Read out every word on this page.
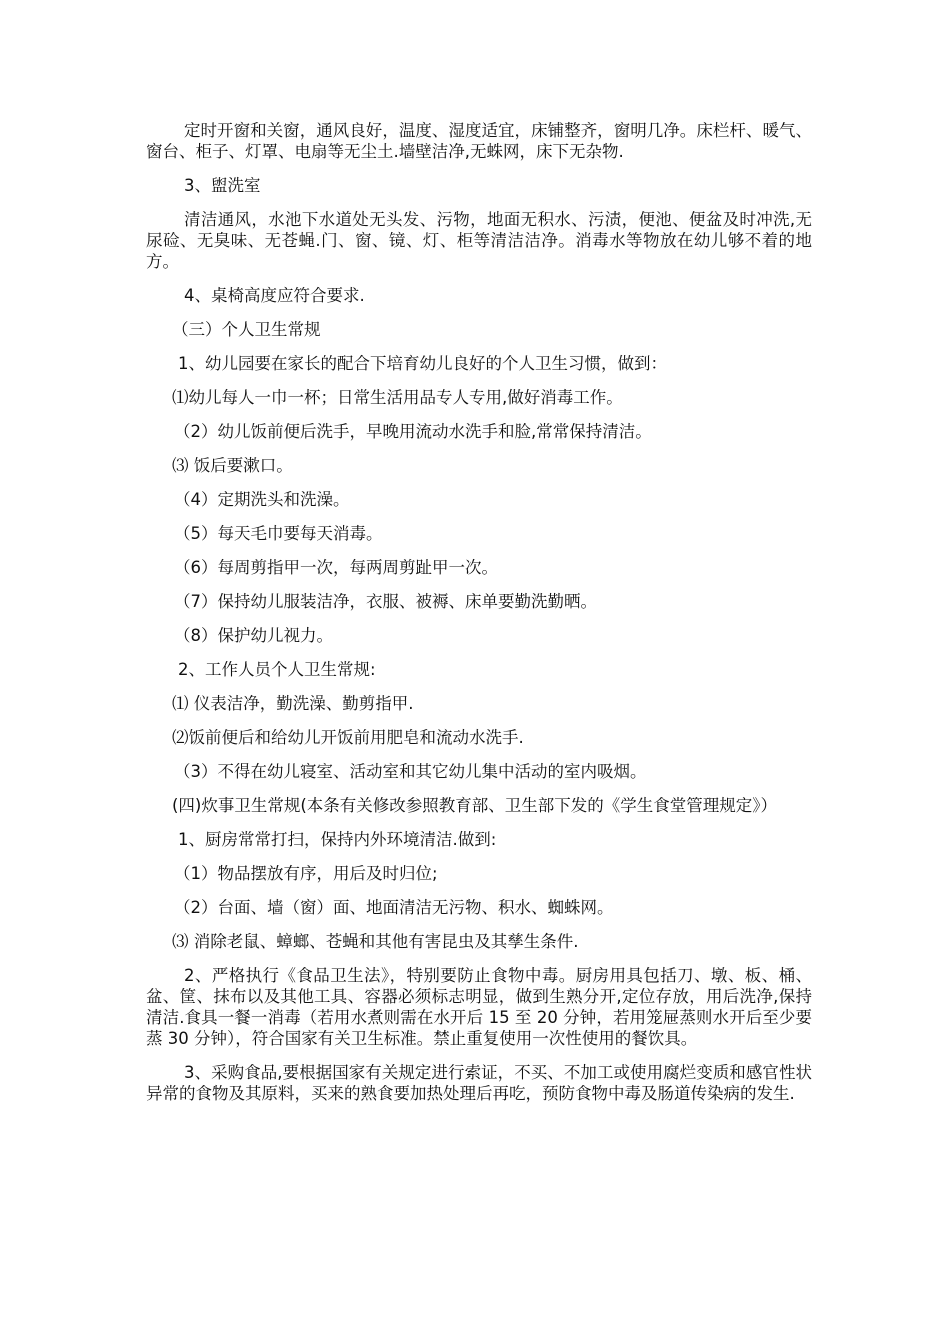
定时开窗和关窗，通风良好，温度、湿度适宜，床铺整齐，窗明几净。床栏杆、暖气、窗台、柜子、灯罩、电扇等无尘土.墙壁洁净,无蛛网，床下无杂物.

3、盥洗室

清洁通风，水池下水道处无头发、污物，地面无积水、污渍，便池、便盆及时冲洗,无尿硷、无臭味、无苍蝇.门、窗、镜、灯、柜等清洁洁净。消毒水等物放在幼儿够不着的地方。

4、桌椅高度应符合要求.

（三）个人卫生常规

1、幼儿园要在家长的配合下培育幼儿良好的个人卫生习惯，做到：

⑴幼儿每人一巾一杯；日常生活用品专人专用,做好消毒工作。

（2）幼儿饭前便后洗手，早晚用流动水洗手和脸,常常保持清洁。

⑶ 饭后要漱口。

（4）定期洗头和洗澡。

（5）每天毛巾要每天消毒。

（6）每周剪指甲一次，每两周剪趾甲一次。

（7）保持幼儿服装洁净，衣服、被褥、床单要勤洗勤晒。

（8）保护幼儿视力。

2、工作人员个人卫生常规:

⑴ 仪表洁净，勤洗澡、勤剪指甲.

⑵饭前便后和给幼儿开饭前用肥皂和流动水洗手.

（3）不得在幼儿寝室、活动室和其它幼儿集中活动的室内吸烟。

(四)炊事卫生常规(本条有关修改参照教育部、卫生部下发的《学生食堂管理规定》）

1、厨房常常打扫，保持内外环境清洁.做到:

（1）物品摆放有序，用后及时归位;

（2）台面、墙（窗）面、地面清洁无污物、积水、蜘蛛网。

⑶ 消除老鼠、蟑螂、苍蝇和其他有害昆虫及其孳生条件.

2、严格执行《食品卫生法》，特别要防止食物中毒。厨房用具包括刀、墩、板、桶、盆、筐、抹布以及其他工具、容器必须标志明显，做到生熟分开,定位存放，用后洗净,保持清洁.食具一餐一消毒（若用水煮则需在水开后 15 至 20 分钟，若用笼屉蒸则水开后至少要蒸 30 分钟），符合国家有关卫生标准。禁止重复使用一次性使用的餐饮具。

3、采购食品,要根据国家有关规定进行索证，不买、不加工或使用腐烂变质和感官性状异常的食物及其原料，买来的熟食要加热处理后再吃，预防食物中毒及肠道传染病的发生.
